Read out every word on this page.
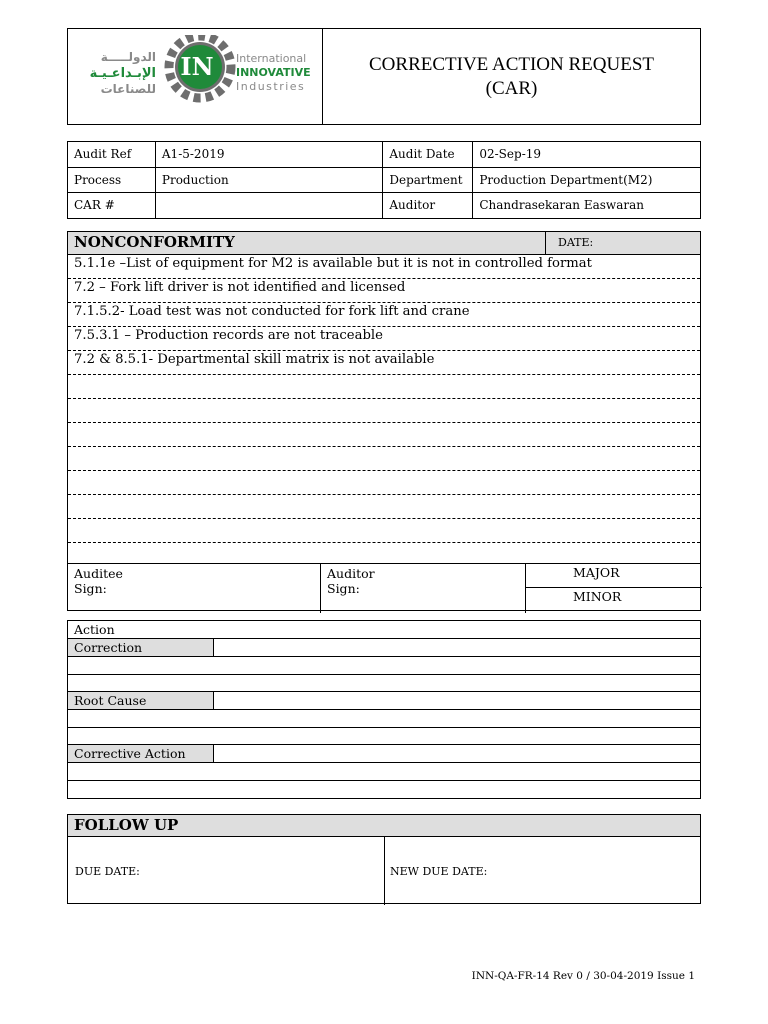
الدولـــــة
الإبـداعـيـة
للصناعات
IN International
INNOVATIVE
Industries
CORRECTIVE ACTION REQUEST
(CAR)
Audit Ref	A1-5-2019	Audit Date	02-Sep-19
Process	Production	Department	Production Department(M2)
CAR #		Auditor	Chandrasekaran Easwaran
NONCONFORMITY	DATE:
5.1.1e –List of equipment for M2 is available but it is not in controlled format
7.2 – Fork lift driver is not identified and licensed
7.1.5.2- Load test was not conducted for fork lift and crane
7.5.3.1 – Production records are not traceable
7.2 & 8.5.1- Departmental skill matrix is not available
Auditee
Sign:
Auditor
Sign:
MAJOR
MINOR
Action
Correction
Root Cause
Corrective Action
FOLLOW UP
DUE DATE:	NEW DUE DATE:
INN-QA-FR-14 Rev 0 / 30-04-2019 Issue 1
